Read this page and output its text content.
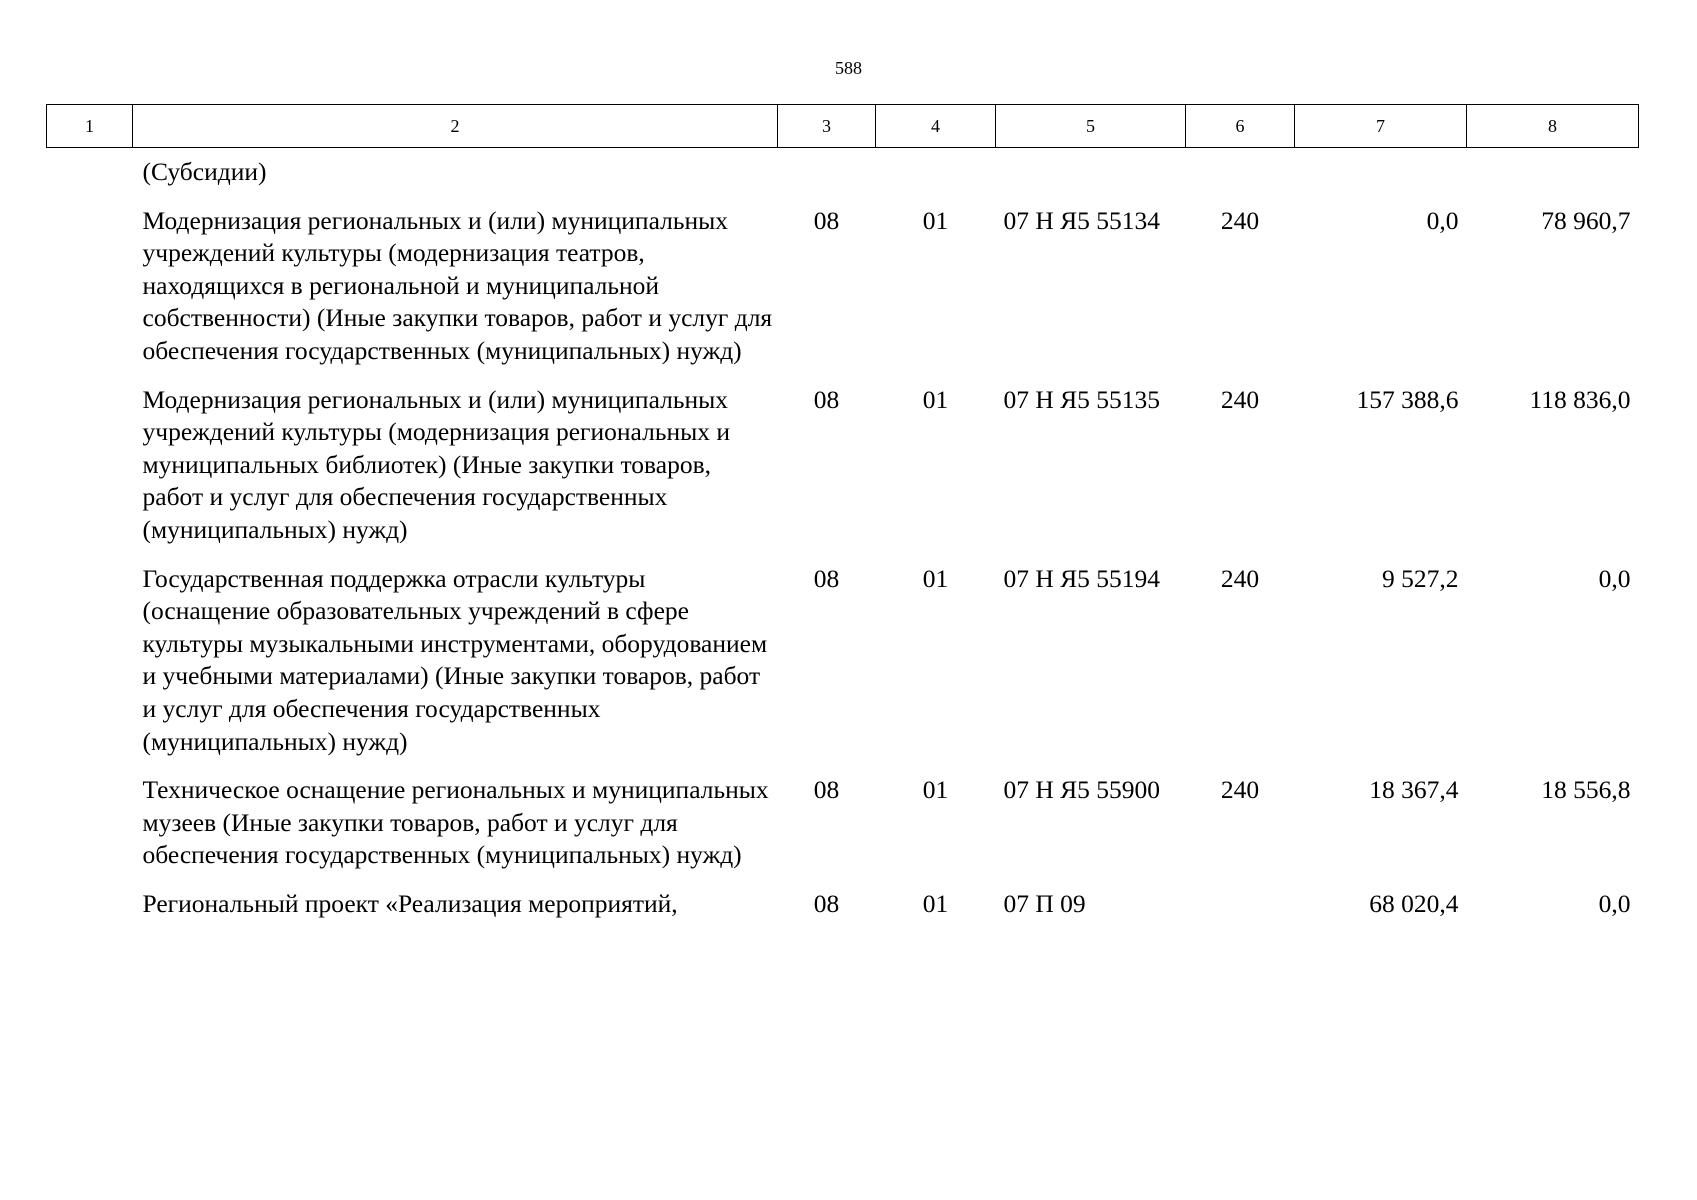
588
1	2	3	4	5	6	7	8
	(Субсидии)						
	Модернизация региональных и (или) муниципальных учреждений культуры (модернизация театров, находящихся в региональной и муниципальной собственности) (Иные закупки товаров, работ и услуг для обеспечения государственных (муниципальных) нужд)	08	01	07 Н Я5 55134	240	0,0	78 960,7
	Модернизация региональных и (или) муниципальных учреждений культуры (модернизация региональных и муниципальных библиотек) (Иные закупки товаров, работ и услуг для обеспечения государственных (муниципальных) нужд)	08	01	07 Н Я5 55135	240	157 388,6	118 836,0
	Государственная поддержка отрасли культуры (оснащение образовательных учреждений в сфере культуры музыкальными инструментами, оборудованием и учебными материалами) (Иные закупки товаров, работ и услуг для обеспечения государственных (муниципальных) нужд)	08	01	07 Н Я5 55194	240	9 527,2	0,0
	Техническое оснащение региональных и муниципальных музеев (Иные закупки товаров, работ и услуг для обеспечения государственных (муниципальных) нужд)	08	01	07 Н Я5 55900	240	18 367,4	18 556,8
	Региональный проект «Реализация мероприятий,	08	01	07 П 09		68 020,4	0,0
